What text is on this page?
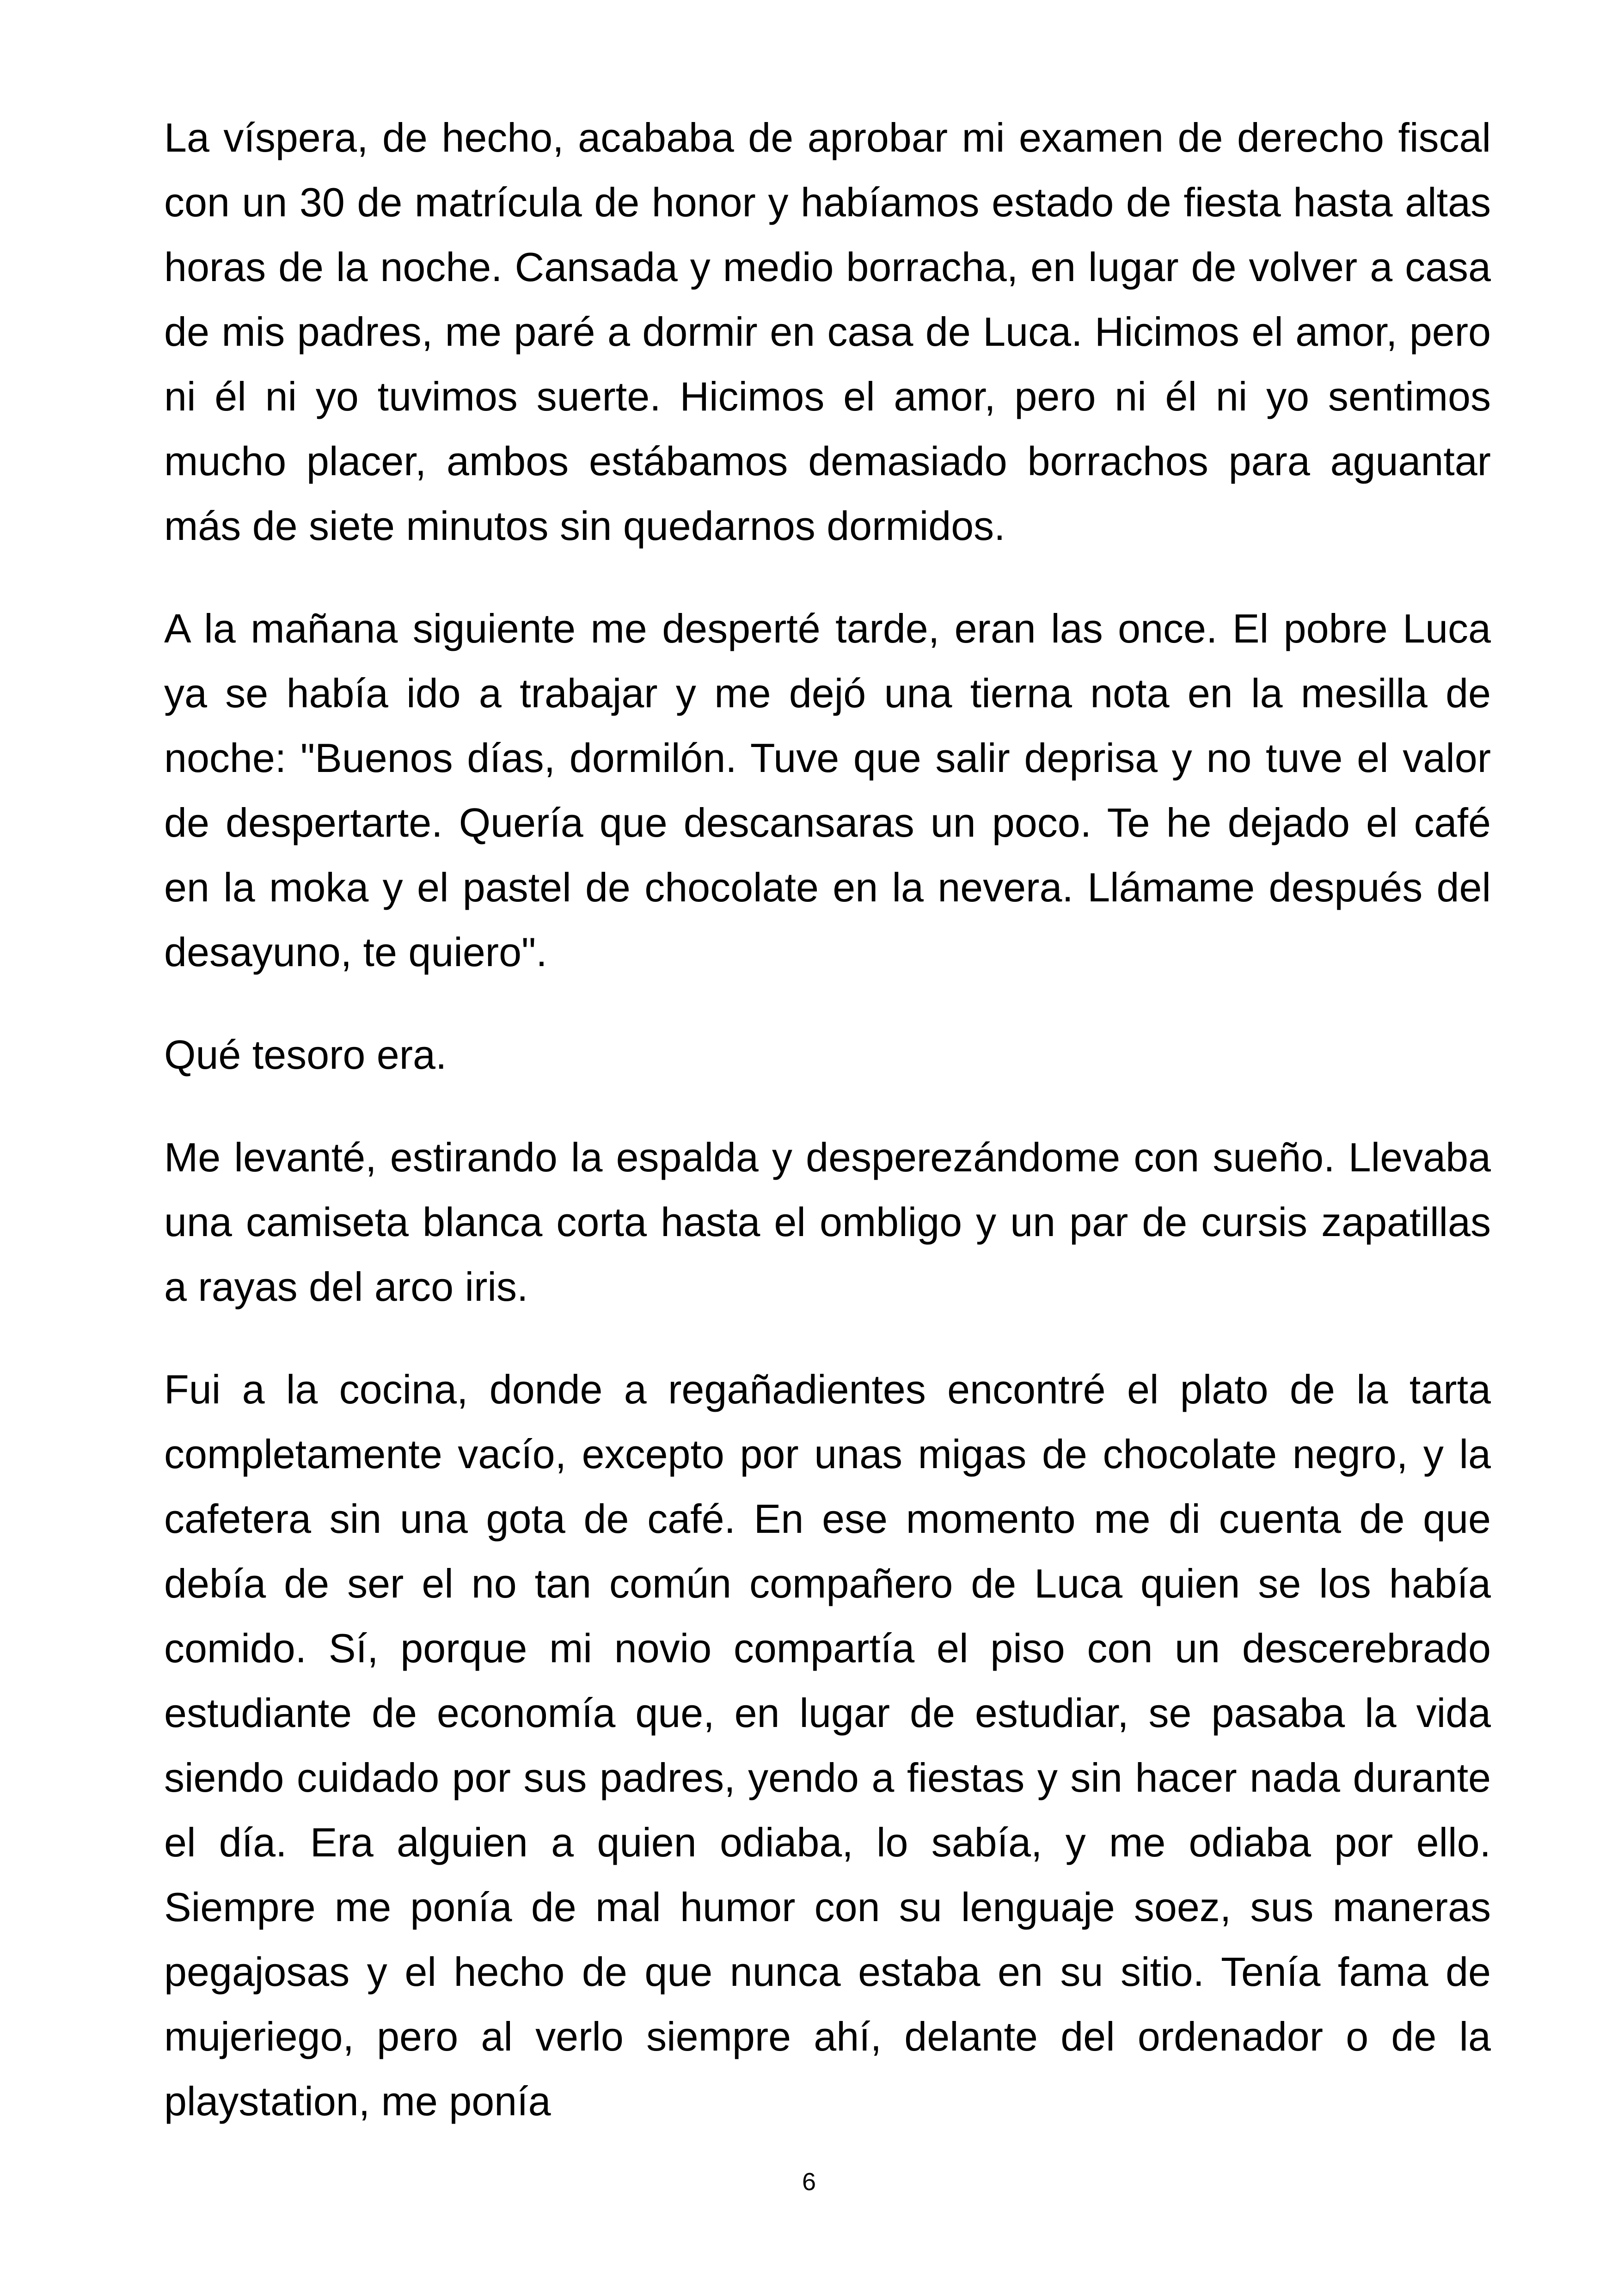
La víspera, de hecho, acababa de aprobar mi examen de derecho fiscal con un 30 de matrícula de honor y habíamos estado de fiesta hasta altas horas de la noche. Cansada y medio borracha, en lugar de volver a casa de mis padres, me paré a dormir en casa de Luca. Hicimos el amor, pero ni él ni yo tuvimos suerte. Hicimos el amor, pero ni él ni yo sentimos mucho placer, ambos estábamos demasiado borrachos para aguantar más de siete minutos sin quedarnos dormidos.

A la mañana siguiente me desperté tarde, eran las once. El pobre Luca ya se había ido a trabajar y me dejó una tierna nota en la mesilla de noche: "Buenos días, dormilón. Tuve que salir deprisa y no tuve el valor de despertarte. Quería que descansaras un poco. Te he dejado el café en la moka y el pastel de chocolate en la nevera. Llámame después del desayuno, te quiero".

Qué tesoro era.

Me levanté, estirando la espalda y desperezándome con sueño. Llevaba una camiseta blanca corta hasta el ombligo y un par de cursis zapatillas a rayas del arco iris.

Fui a la cocina, donde a regañadientes encontré el plato de la tarta completamente vacío, excepto por unas migas de chocolate negro, y la cafetera sin una gota de café. En ese momento me di cuenta de que debía de ser el no tan común compañero de Luca quien se los había comido. Sí, porque mi novio compartía el piso con un descerebrado estudiante de economía que, en lugar de estudiar, se pasaba la vida siendo cuidado por sus padres, yendo a fiestas y sin hacer nada durante el día. Era alguien a quien odiaba, lo sabía, y me odiaba por ello. Siempre me ponía de mal humor con su lenguaje soez, sus maneras pegajosas y el hecho de que nunca estaba en su sitio. Tenía fama de mujeriego, pero al verlo siempre ahí, delante del ordenador o de la playstation, me ponía

6
